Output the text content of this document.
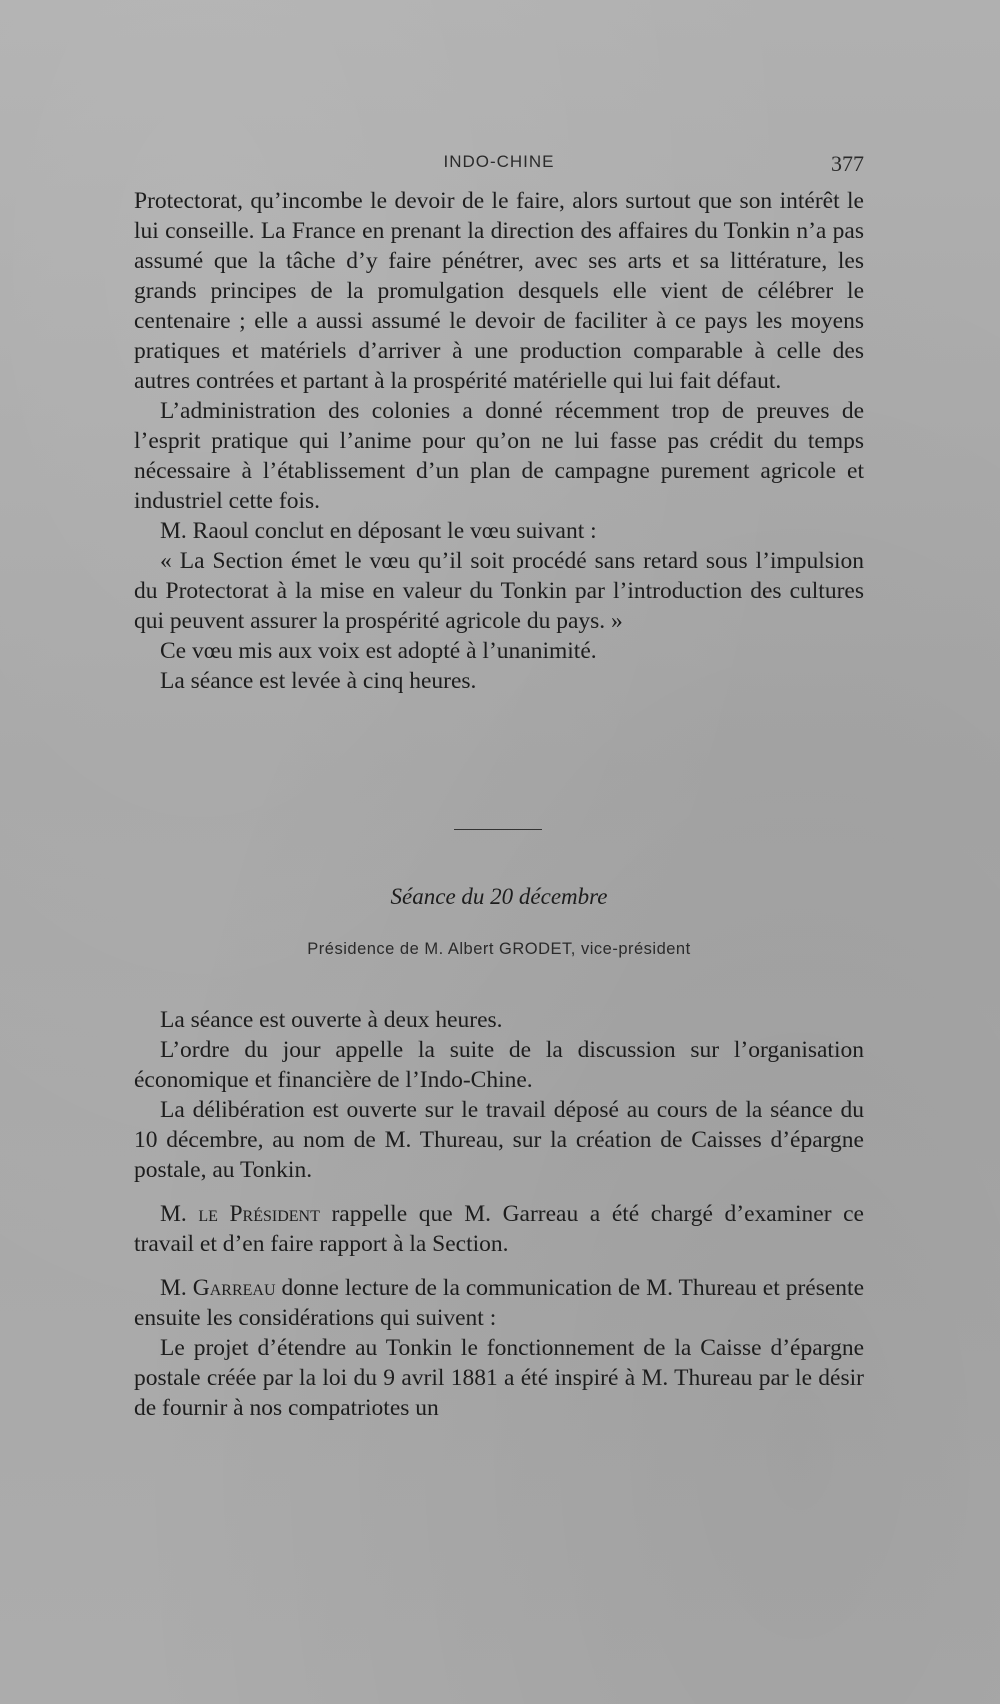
INDO-CHINE	377

Protectorat, qu’incombe le devoir de le faire, alors surtout que son intérêt le lui conseille. La France en prenant la direction des affaires du Tonkin n’a pas assumé que la tâche d’y faire pénétrer, avec ses arts et sa littérature, les grands principes de la promulgation desquels elle vient de célébrer le centenaire ; elle a aussi assumé le devoir de faciliter à ce pays les moyens pratiques et matériels d’arriver à une production comparable à celle des autres contrées et partant à la prospérité matérielle qui lui fait défaut.

L’administration des colonies a donné récemment trop de preuves de l’esprit pratique qui l’anime pour qu’on ne lui fasse pas crédit du temps nécessaire à l’établissement d’un plan de campagne purement agricole et industriel cette fois.

M. Raoul conclut en déposant le vœu suivant :

« La Section émet le vœu qu’il soit procédé sans retard sous l’impulsion du Protectorat à la mise en valeur du Tonkin par l’introduction des cultures qui peuvent assurer la prospérité agricole du pays. »

Ce vœu mis aux voix est adopté à l’unanimité.

La séance est levée à cinq heures.

Séance du 20 décembre
Présidence de M. Albert GRODET, vice-président

La séance est ouverte à deux heures.

L’ordre du jour appelle la suite de la discussion sur l’organisation économique et financière de l’Indo-Chine.

La délibération est ouverte sur le travail déposé au cours de la séance du 10 décembre, au nom de M. Thureau, sur la création de Caisses d’épargne postale, au Tonkin.

M. le Président rappelle que M. Garreau a été chargé d’examiner ce travail et d’en faire rapport à la Section.

M. Garreau donne lecture de la communication de M. Thureau et présente ensuite les considérations qui suivent :

Le projet d’étendre au Tonkin le fonctionnement de la Caisse d’épargne postale créée par la loi du 9 avril 1881 a été inspiré à M. Thureau par le désir de fournir à nos compatriotes un
